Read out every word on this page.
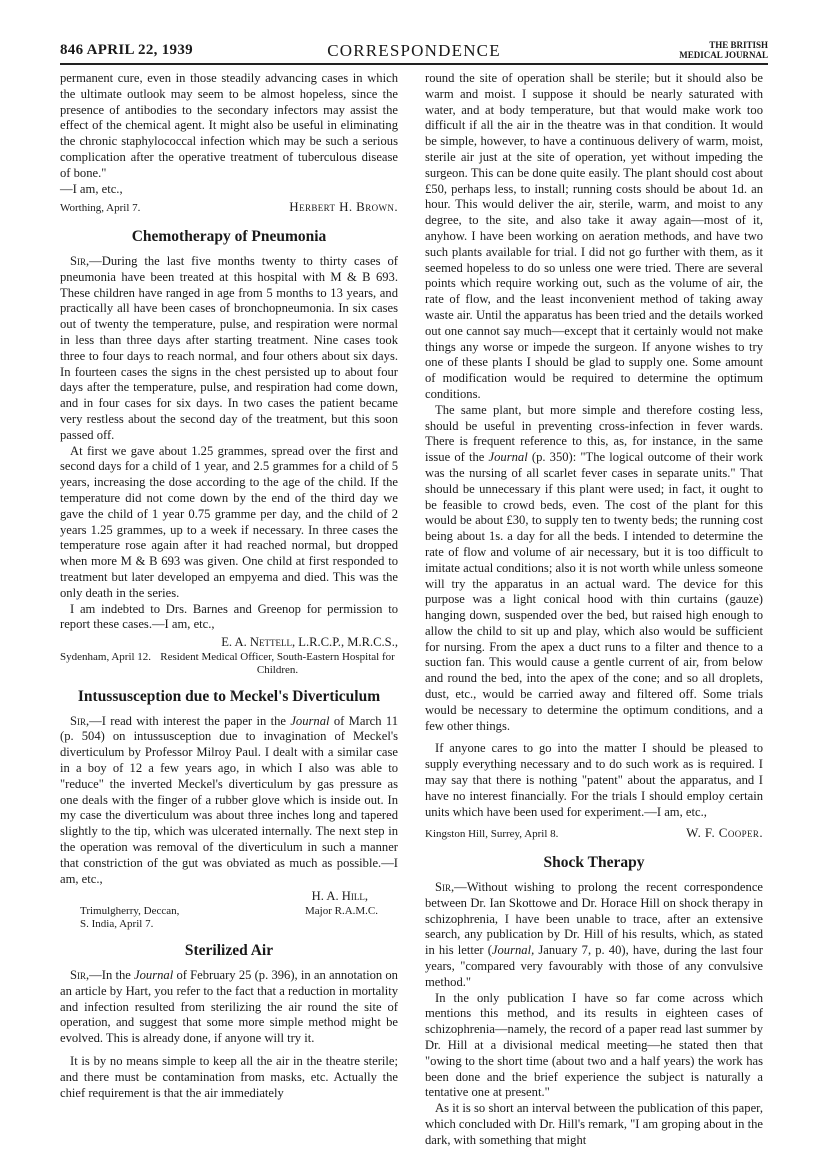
846 APRIL 22, 1939	CORRESPONDENCE	THE BRITISH
MEDICAL JOURNAL

permanent cure, even in those steadily advancing cases in which the ultimate outlook may seem to be almost hopeless, since the presence of antibodies to the secondary infectors may assist the effect of the chemical agent. It might also be useful in eliminating the chronic staphylococcal infection which may be such a serious complication after the operative treatment of tuberculous disease of bone."

—I am, etc.,

Worthing, April 7.	Herbert H. Brown.
Chemotherapy of Pneumonia

Sir,—During the last five months twenty to thirty cases of pneumonia have been treated at this hospital with M & B 693. These children have ranged in age from 5 months to 13 years, and practically all have been cases of bronchopneumonia. In six cases out of twenty the temperature, pulse, and respiration were normal in less than three days after starting treatment. Nine cases took three to four days to reach normal, and four others about six days. In fourteen cases the signs in the chest persisted up to about four days after the temperature, pulse, and respiration had come down, and in four cases for six days. In two cases the patient became very restless about the second day of the treatment, but this soon passed off.

At first we gave about 1.25 grammes, spread over the first and second days for a child of 1 year, and 2.5 grammes for a child of 5 years, increasing the dose according to the age of the child. If the temperature did not come down by the end of the third day we gave the child of 1 year 0.75 gramme per day, and the child of 2 years 1.25 grammes, up to a week if necessary. In three cases the temperature rose again after it had reached normal, but dropped when more M & B 693 was given. One child at first responded to treatment but later developed an empyema and died. This was the only death in the series.

I am indebted to Drs. Barnes and Greenop for permission to report these cases.—I am, etc.,

E. A. Nettell, L.R.C.P., M.R.C.S.,
Sydenham, April 12. Resident Medical Officer, South-Eastern Hospital for Children.
Intussusception due to Meckel's Diverticulum

Sir,—I read with interest the paper in the Journal of March 11 (p. 504) on intussusception due to invagination of Meckel's diverticulum by Professor Milroy Paul. I dealt with a similar case in a boy of 12 a few years ago, in which I also was able to "reduce" the inverted Meckel's diverticulum by gas pressure as one deals with the finger of a rubber glove which is inside out. In my case the diverticulum was about three inches long and tapered slightly to the tip, which was ulcerated internally. The next step in the operation was removal of the diverticulum in such a manner that constriction of the gut was obviated as much as possible.—I am, etc.,

H. A. Hill,
Trimulgherry, Deccan,
S. India, April 7.
Major R.A.M.C.
Sterilized Air

Sir,—In the Journal of February 25 (p. 396), in an annotation on an article by Hart, you refer to the fact that a reduction in mortality and infection resulted from sterilizing the air round the site of operation, and suggest that some more simple method might be evolved. This is already done, if anyone will try it.

It is by no means simple to keep all the air in the theatre sterile; and there must be contamination from masks, etc. Actually the chief requirement is that the air immediately

round the site of operation shall be sterile; but it should also be warm and moist. I suppose it should be nearly saturated with water, and at body temperature, but that would make work too difficult if all the air in the theatre was in that condition. It would be simple, however, to have a continuous delivery of warm, moist, sterile air just at the site of operation, yet without impeding the surgeon. This can be done quite easily. The plant should cost about £50, perhaps less, to install; running costs should be about 1d. an hour. This would deliver the air, sterile, warm, and moist to any degree, to the site, and also take it away again—most of it, anyhow. I have been working on aeration methods, and have two such plants available for trial. I did not go further with them, as it seemed hopeless to do so unless one were tried. There are several points which require working out, such as the volume of air, the rate of flow, and the least inconvenient method of taking away waste air. Until the apparatus has been tried and the details worked out one cannot say much—except that it certainly would not make things any worse or impede the surgeon. If anyone wishes to try one of these plants I should be glad to supply one. Some amount of modification would be required to determine the optimum conditions.

The same plant, but more simple and therefore costing less, should be useful in preventing cross-infection in fever wards. There is frequent reference to this, as, for instance, in the same issue of the Journal (p. 350): "The logical outcome of their work was the nursing of all scarlet fever cases in separate units." That should be unnecessary if this plant were used; in fact, it ought to be feasible to crowd beds, even. The cost of the plant for this would be about £30, to supply ten to twenty beds; the running cost being about 1s. a day for all the beds. I intended to determine the rate of flow and volume of air necessary, but it is too difficult to imitate actual conditions; also it is not worth while unless someone will try the apparatus in an actual ward. The device for this purpose was a light conical hood with thin curtains (gauze) hanging down, suspended over the bed, but raised high enough to allow the child to sit up and play, which also would be sufficient for nursing. From the apex a duct runs to a filter and thence to a suction fan. This would cause a gentle current of air, from below and round the bed, into the apex of the cone; and so all droplets, dust, etc., would be carried away and filtered off. Some trials would be necessary to determine the optimum conditions, and a few other things.

If anyone cares to go into the matter I should be pleased to supply everything necessary and to do such work as is required. I may say that there is nothing "patent" about the apparatus, and I have no interest financially. For the trials I should employ certain units which have been used for experiment.—I am, etc.,

Kingston Hill, Surrey, April 8.	W. F. Cooper.
Shock Therapy

Sir,—Without wishing to prolong the recent correspondence between Dr. Ian Skottowe and Dr. Horace Hill on shock therapy in schizophrenia, I have been unable to trace, after an extensive search, any publication by Dr. Hill of his results, which, as stated in his letter (Journal, January 7, p. 40), have, during the last four years, "compared very favourably with those of any convulsive method."

In the only publication I have so far come across which mentions this method, and its results in eighteen cases of schizophrenia—namely, the record of a paper read last summer by Dr. Hill at a divisional medical meeting—he stated then that "owing to the short time (about two and a half years) the work has been done and the brief experience the subject is naturally a tentative one at present."

As it is so short an interval between the publication of this paper, which concluded with Dr. Hill's remark, "I am groping about in the dark, with something that might
